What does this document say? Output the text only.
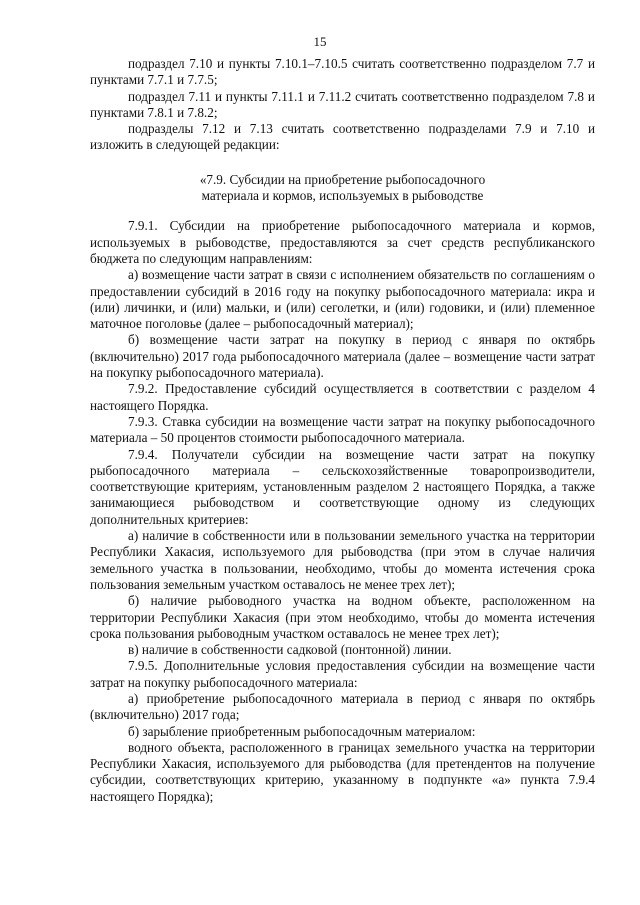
15

подраздел 7.10 и пункты 7.10.1–7.10.5 считать соответственно подразделом 7.7 и пунктами 7.7.1 и 7.7.5;

подраздел 7.11 и пункты 7.11.1 и 7.11.2 считать соответственно подразделом 7.8 и пунктами 7.8.1 и 7.8.2;

подразделы 7.12 и 7.13 считать соответственно подразделами 7.9 и 7.10 и изложить в следующей редакции:

«7.9. Субсидии на приобретение рыбопосадочного
материала и кормов, используемых в рыбоводстве

7.9.1. Субсидии на приобретение рыбопосадочного материала и кормов, используемых в рыбоводстве, предоставляются за счет средств республиканского бюджета по следующим направлениям:

а) возмещение части затрат в связи с исполнением обязательств по соглашениям о предоставлении субсидий в 2016 году на покупку рыбопосадочного материала: икра и (или) личинки, и (или) мальки, и (или) сеголетки, и (или) годовики, и (или) племенное маточное поголовье (далее – рыбопосадочный материал);

б) возмещение части затрат на покупку в период с января по октябрь (включительно) 2017 года рыбопосадочного материала (далее – возмещение части затрат на покупку рыбопосадочного материала).

7.9.2. Предоставление субсидий осуществляется в соответствии с разделом 4 настоящего Порядка.

7.9.3. Ставка субсидии на возмещение части затрат на покупку рыбопосадочного материала – 50 процентов стоимости рыбопосадочного материала.

7.9.4. Получатели субсидии на возмещение части затрат на покупку рыбопосадочного материала – сельскохозяйственные товаропроизводители, соответствующие критериям, установленным разделом 2 настоящего Порядка, а также занимающиеся рыбоводством и соответствующие одному из следующих дополнительных критериев:

а) наличие в собственности или в пользовании земельного участка на территории Республики Хакасия, используемого для рыбоводства (при этом в случае наличия земельного участка в пользовании, необходимо, чтобы до момента истечения срока пользования земельным участком оставалось не менее трех лет);

б) наличие рыбоводного участка на водном объекте, расположенном на территории Республики Хакасия (при этом необходимо, чтобы до момента истечения срока пользования рыбоводным участком оставалось не менее трех лет);

в) наличие в собственности садковой (понтонной) линии.

7.9.5. Дополнительные условия предоставления субсидии на возмещение части затрат на покупку рыбопосадочного материала:

а) приобретение рыбопосадочного материала в период с января по октябрь (включительно) 2017 года;

б) зарыбление приобретенным рыбопосадочным материалом:

водного объекта, расположенного в границах земельного участка на территории Республики Хакасия, используемого для рыбоводства (для претендентов на получение субсидии, соответствующих критерию, указанному в подпункте «а» пункта 7.9.4 настоящего Порядка);
